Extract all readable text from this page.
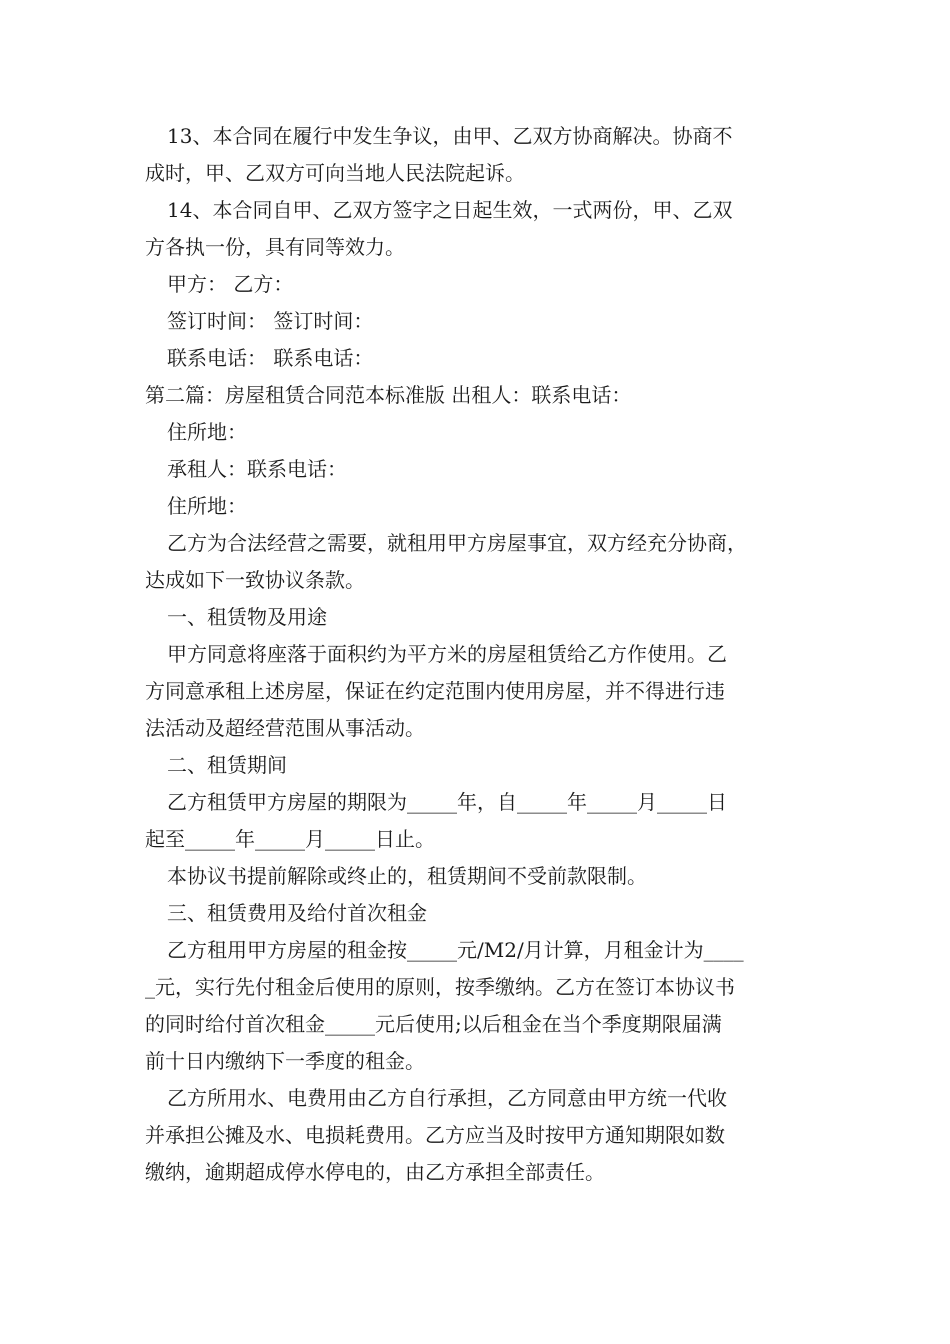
13、本合同在履行中发生争议，由甲、乙双方协商解决。协商不
成时，甲、乙双方可向当地人民法院起诉。
14、本合同自甲、乙双方签字之日起生效，一式两份，甲、乙双
方各执一份，具有同等效力。
甲方： 乙方：
签订时间： 签订时间：
联系电话： 联系电话：
第二篇：房屋租赁合同范本标准版 出租人：联系电话：
住所地：
承租人：联系电话：
住所地：
乙方为合法经营之需要，就租用甲方房屋事宜，双方经充分协商，
达成如下一致协议条款。
一、租赁物及用途
甲方同意将座落于面积约为平方米的房屋租赁给乙方作使用。乙
方同意承租上述房屋，保证在约定范围内使用房屋，并不得进行违
法活动及超经营范围从事活动。
二、租赁期间
乙方租赁甲方房屋的期限为_____年，自_____年_____月_____日
起至_____年_____月_____日止。
本协议书提前解除或终止的，租赁期间不受前款限制。
三、租赁费用及给付首次租金
乙方租用甲方房屋的租金按_____元/M2/月计算，月租金计为____
_元，实行先付租金后使用的原则，按季缴纳。乙方在签订本协议书
的同时给付首次租金_____元后使用;以后租金在当个季度期限届满
前十日内缴纳下一季度的租金。
乙方所用水、电费用由乙方自行承担，乙方同意由甲方统一代收
并承担公摊及水、电损耗费用。乙方应当及时按甲方通知期限如数
缴纳，逾期超成停水停电的，由乙方承担全部责任。
